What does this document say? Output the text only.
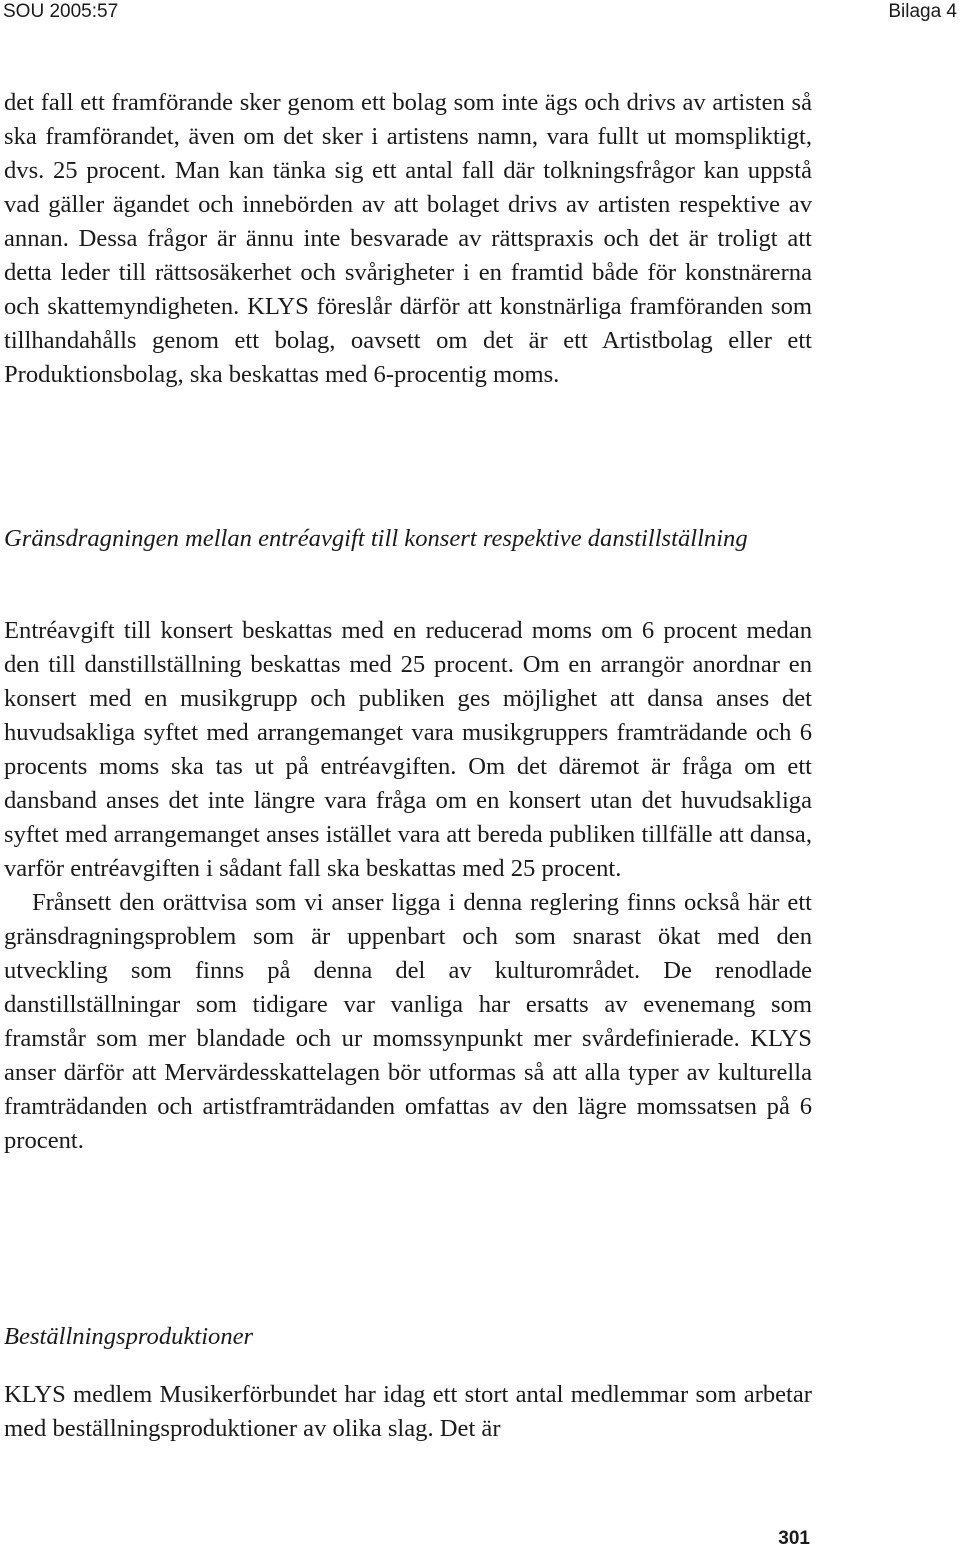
SOU 2005:57	Bilaga 4

det fall ett framförande sker genom ett bolag som inte ägs och drivs av artisten så ska framförandet, även om det sker i artistens namn, vara fullt ut momspliktigt, dvs. 25 procent. Man kan tänka sig ett antal fall där tolkningsfrågor kan uppstå vad gäller ägandet och innebörden av att bolaget drivs av artisten respektive av annan. Dessa frågor är ännu inte besvarade av rättspraxis och det är troligt att detta leder till rättsosäkerhet och svårigheter i en framtid både för konstnärerna och skattemyndigheten. KLYS föreslår därför att konstnärliga framföranden som tillhandahålls genom ett bolag, oavsett om det är ett Artistbolag eller ett Produktionsbolag, ska beskattas med 6-procentig moms.

Gränsdragningen mellan entréavgift till konsert respektive danstillställning

Entréavgift till konsert beskattas med en reducerad moms om 6 procent medan den till danstillställning beskattas med 25 procent. Om en arrangör anordnar en konsert med en musikgrupp och publiken ges möjlighet att dansa anses det huvudsakliga syftet med arrangemanget vara musikgruppers framträdande och 6 procents moms ska tas ut på entréavgiften. Om det däremot är fråga om ett dansband anses det inte längre vara fråga om en konsert utan det huvudsakliga syftet med arrangemanget anses istället vara att bereda publiken tillfälle att dansa, varför entréavgiften i sådant fall ska beskattas med 25 procent.

Frånsett den orättvisa som vi anser ligga i denna reglering finns också här ett gränsdragningsproblem som är uppenbart och som snarast ökat med den utveckling som finns på denna del av kulturområdet. De renodlade danstillställningar som tidigare var vanliga har ersatts av evenemang som framstår som mer blandade och ur momssynpunkt mer svårdefinierade. KLYS anser därför att Mervärdesskattelagen bör utformas så att alla typer av kulturella framträdanden och artistframträdanden omfattas av den lägre momssatsen på 6 procent.

Beställningsproduktioner

KLYS medlem Musikerförbundet har idag ett stort antal medlemmar som arbetar med beställningsproduktioner av olika slag. Det är

301
